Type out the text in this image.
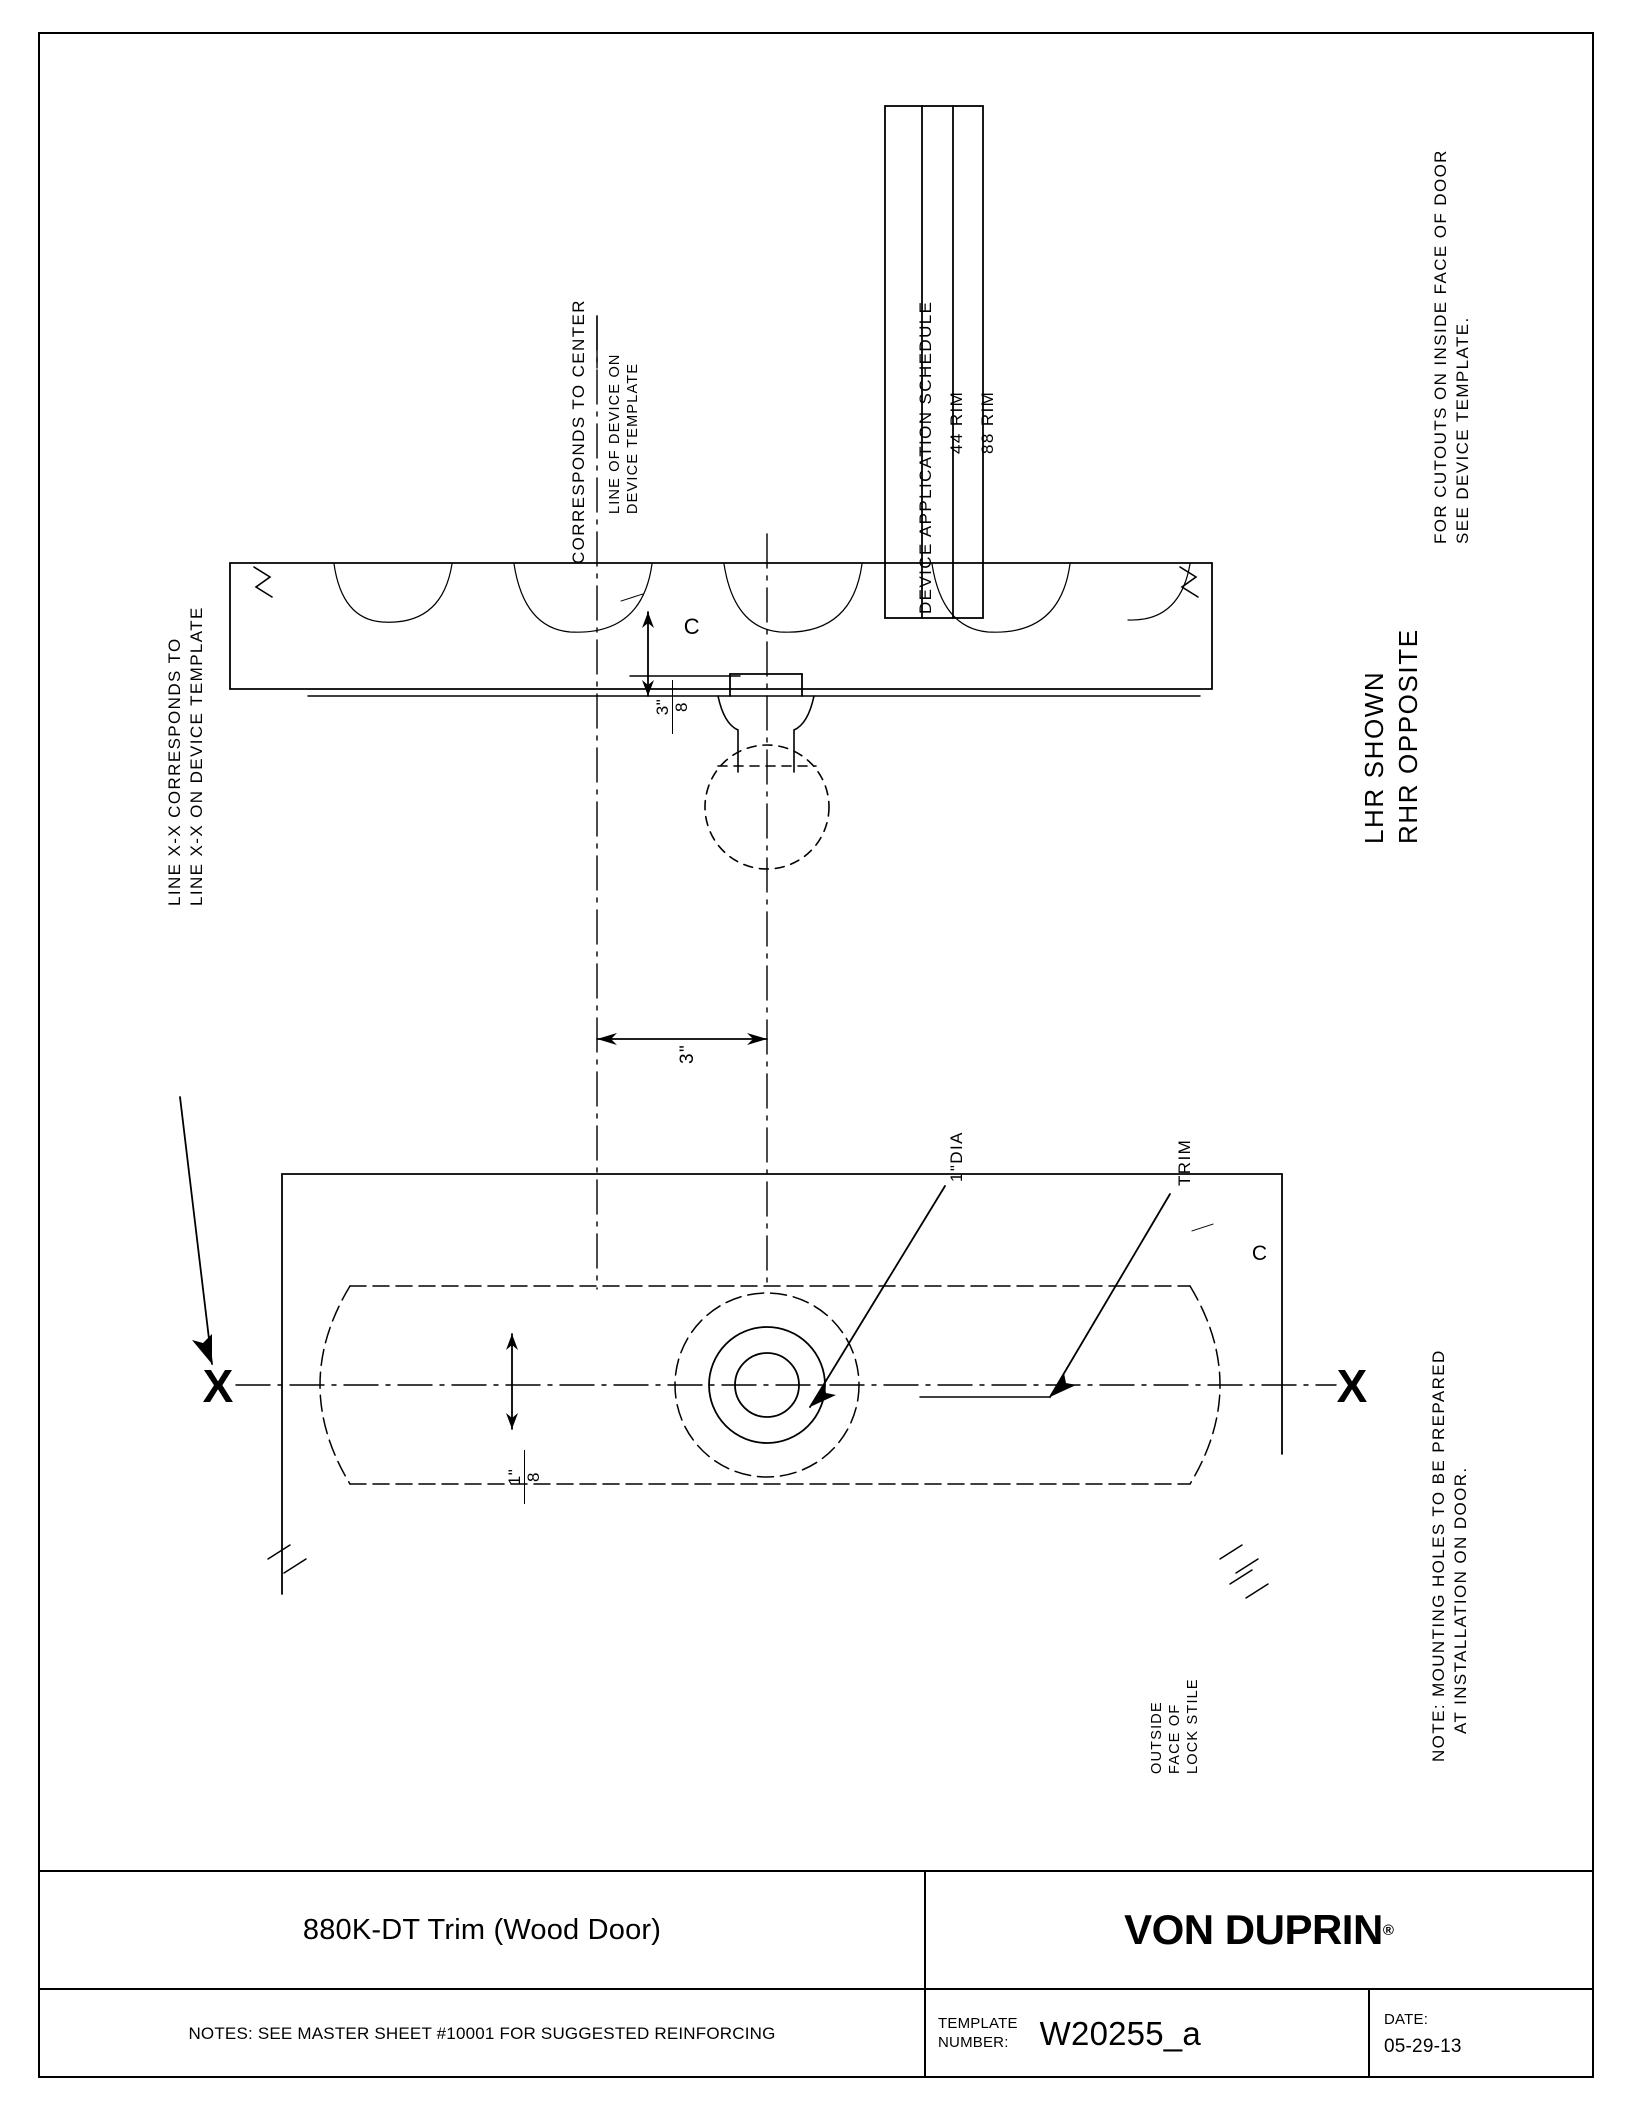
X	X
DEVICE APPLICATION SCHEDULE 44 RIM 88 RIM
CORRESPONDS TO CENTER LINE OF DEVICE ON DEVICE TEMPLATE

C

LINE X-X CORRESPONDS TO LINE X-X ON DEVICE TEMPLATE
FOR CUTOUTS ON INSIDE FACE OF DOOR SEE DEVICE TEMPLATE.
LHR SHOWN RHR OPPOSITE
NOTE: MOUNTING HOLES TO BE PREPARED AT INSTALLATION ON DOOR.
1"DIA	TRIM

C

OUTSIDE FACE OF LOCK STILE
3"
3" 8
1" 8
880K-DT Trim (Wood Door)	VON DUPRIN ®
NOTES: SEE MASTER SHEET #10001 FOR SUGGESTED REINFORCING
TEMPLATE
NUMBER: W20255_a	DATE:
05-29-13
